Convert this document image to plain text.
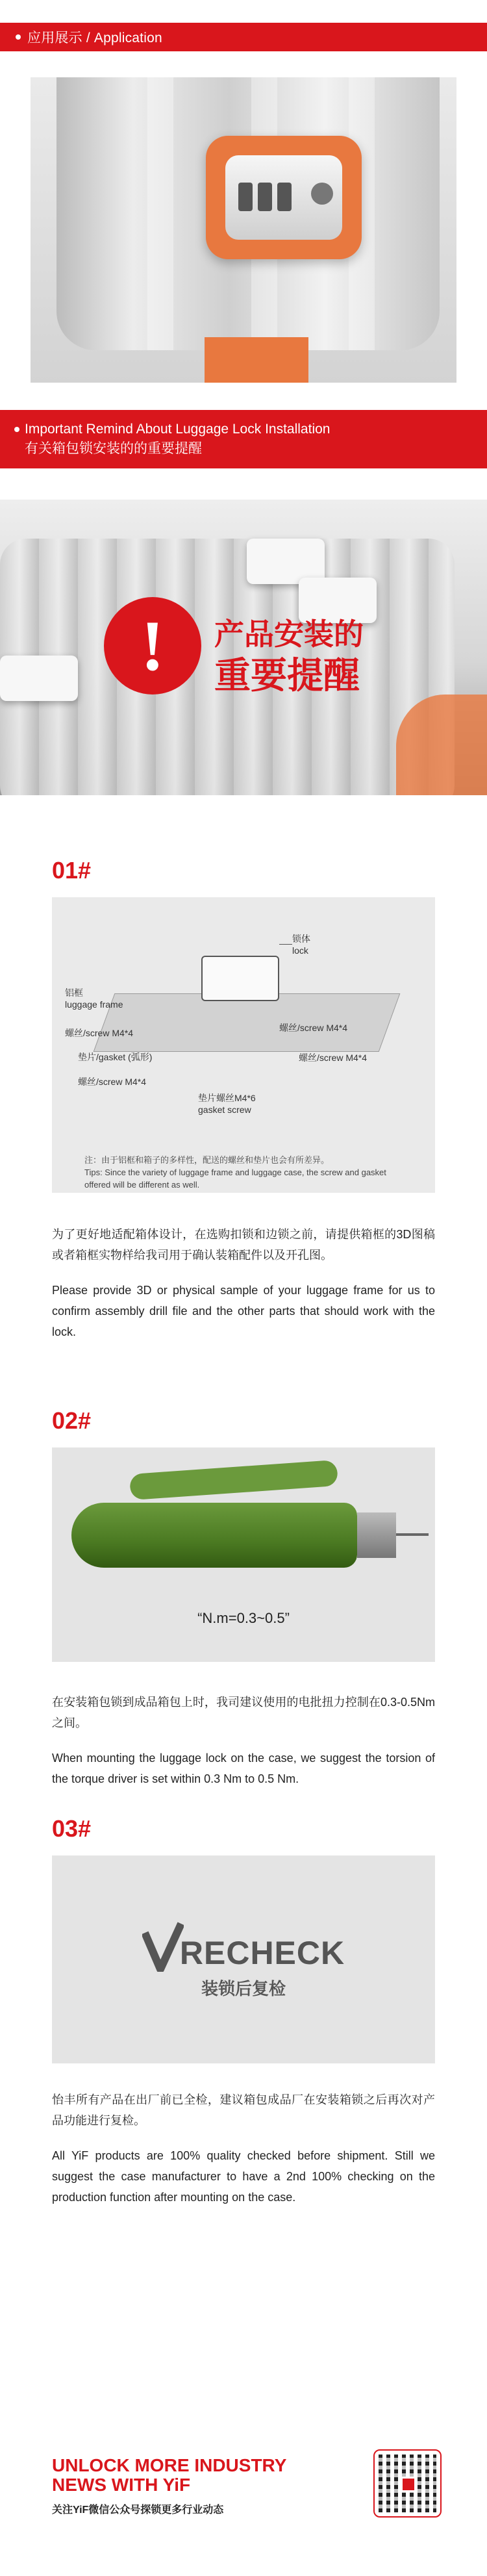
应用展示 / Application
Important Remind About Luggage Lock Installation
有关箱包锁安装的的重要提醒
!	产品安装的
重要提醒
01#
锁体
lock
铝框
luggage frame
螺丝/screw M4*4	螺丝/screw M4*4
垫片/gasket (弧形)	螺丝/screw M4*4
螺丝/screw M4*4
垫片螺丝M4*6
gasket screw
注：由于铝框和箱子的多样性，配送的螺丝和垫片也会有所差异。
Tips: Since the variety of luggage frame and luggage case, the screw and gasket offered will be different as well.

为了更好地适配箱体设计，在选购扣锁和边锁之前，请提供箱框的3D图稿或者箱框实物样给我司用于确认装箱配件以及开孔图。

Please provide 3D or physical sample of your luggage frame for us to confirm assembly drill file and the other parts that should work with the lock.

02#
“N.m=0.3~0.5”

在安装箱包锁到成品箱包上时，我司建议使用的电批扭力控制在0.3-0.5Nm之间。

When mounting the luggage lock on the case, we suggest the torsion of the torque driver is set within 0.3 Nm to 0.5 Nm.

03#
RECHECK
装锁后复检

怡丰所有产品在出厂前已全检，建议箱包成品厂在安装箱锁之后再次对产品功能进行复检。

All YiF products are 100% quality checked before shipment. Still we suggest the case manufacturer to have a 2nd 100% checking on the production function after mounting on the case.

UNLOCK MORE INDUSTRY
NEWS WITH YiF
关注YiF微信公众号探锁更多行业动态
